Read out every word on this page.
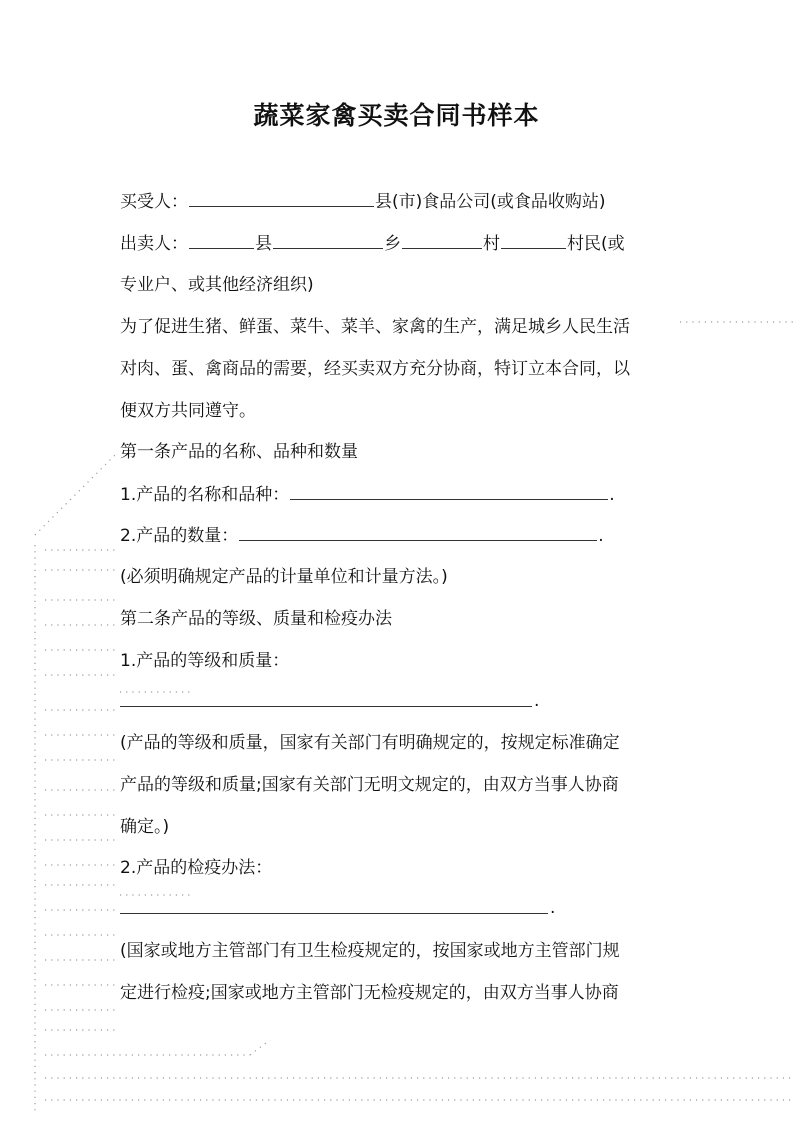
蔬菜家禽买卖合同书样本
买受人：	县(市)食品公司(或食品收购站)
出卖人：	县	乡	村	村民(或
专业户、或其他经济组织)
为了促进生猪、鲜蛋、菜牛、菜羊、家禽的生产，满足城乡人民生活
对肉、蛋、禽商品的需要，经买卖双方充分协商，特订立本合同，以
便双方共同遵守。
第一条产品的名称、品种和数量
1.产品的名称和品种：	.
2.产品的数量：	.
(必须明确规定产品的计量单位和计量方法。)
第二条产品的等级、质量和检疫办法
1.产品的等级和质量：
.
(产品的等级和质量，国家有关部门有明确规定的，按规定标准确定
产品的等级和质量;国家有关部门无明文规定的，由双方当事人协商
确定。)
2.产品的检疫办法：
.
(国家或地方主管部门有卫生检疫规定的，按国家或地方主管部门规
定进行检疫;国家或地方主管部门无检疫规定的，由双方当事人协商
